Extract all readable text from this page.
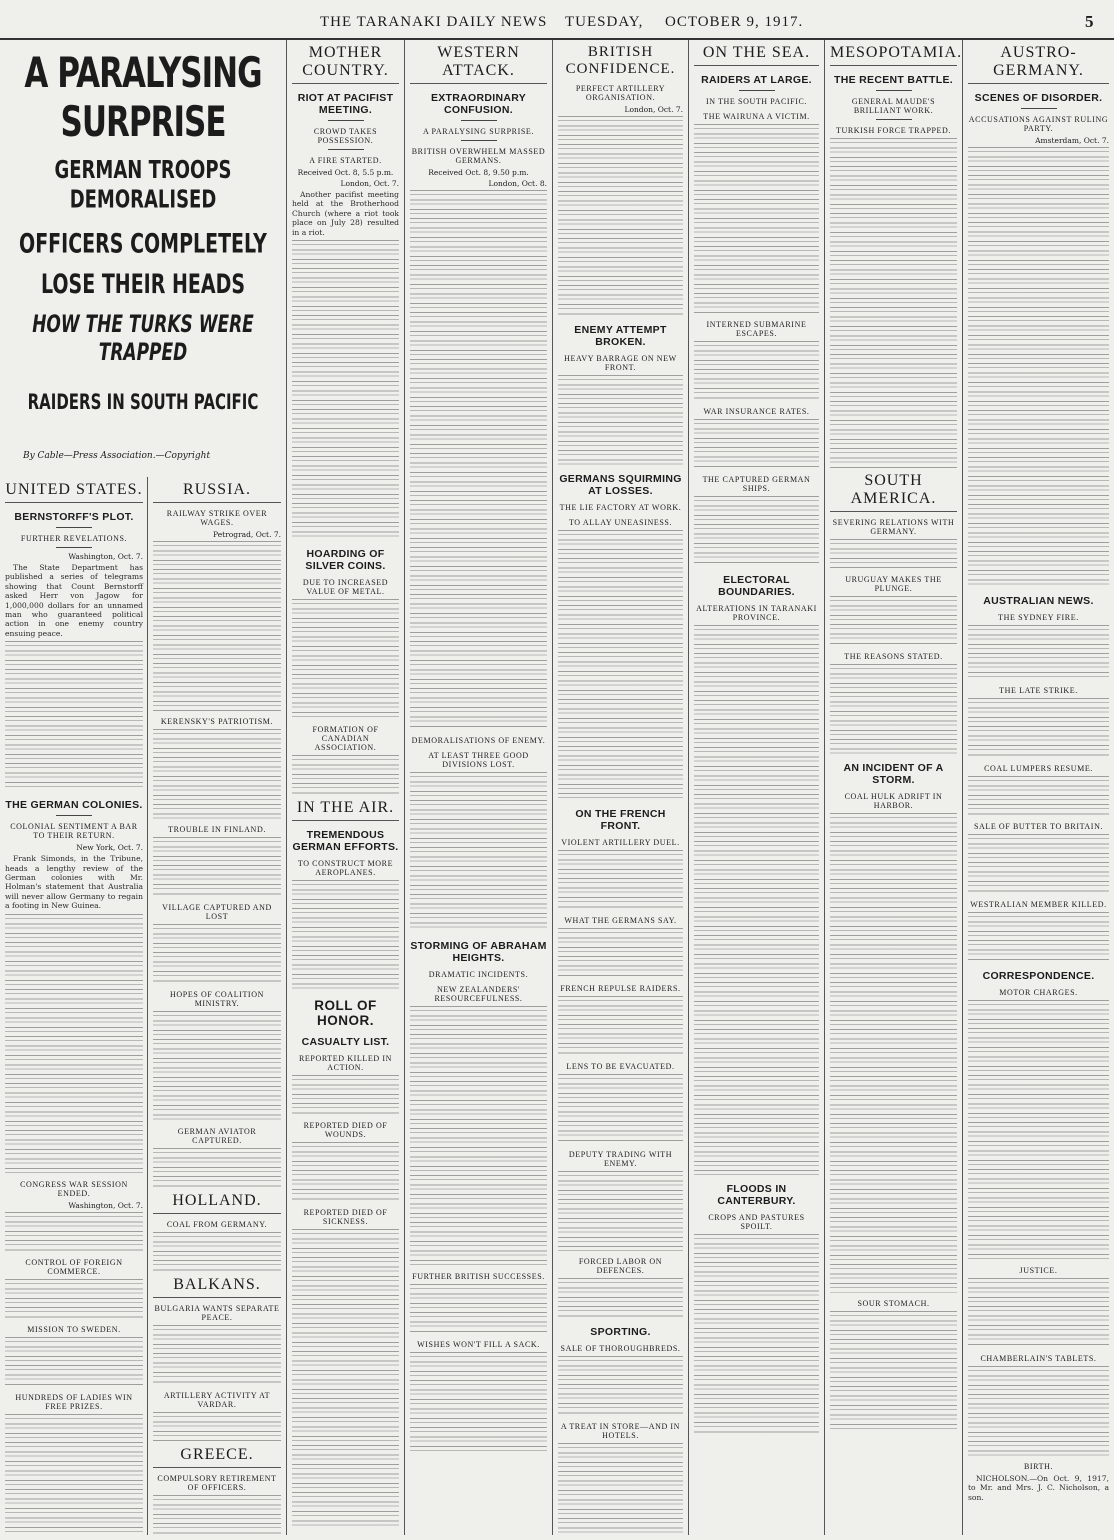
THE TARANAKI DAILY NEWS TUESDAY, OCTOBER 9, 1917.	5
A PARALYSING SURPRISE
GERMAN TROOPS DEMORALISED
OFFICERS COMPLETELY LOSE THEIR HEADS
HOW THE TURKS WERE TRAPPED
RAIDERS IN SOUTH PACIFIC
By Cable—Press Association.—Copyright
UNITED STATES.
BERNSTORFF'S PLOT.
FURTHER REVELATIONS.
Washington, Oct. 7.

The State Department has published a series of telegrams showing that Count Bernstorff asked Herr von Jagow for 1,000,000 dollars for an unnamed man who guaranteed political action in one enemy country ensuing peace.

THE GERMAN COLONIES.
COLONIAL SENTIMENT A BAR TO THEIR RETURN.
New York, Oct. 7.

Frank Simonds, in the Tribune, heads a lengthy review of the German colonies with Mr. Holman's statement that Australia will never allow Germany to regain a footing in New Guinea.

CONGRESS WAR SESSION ENDED.
Washington, Oct. 7.
CONTROL OF FOREIGN COMMERCE.
MISSION TO SWEDEN.
HUNDREDS OF LADIES WIN FREE PRIZES.
RUSSIA.
RAILWAY STRIKE OVER WAGES.
Petrograd, Oct. 7.
KERENSKY'S PATRIOTISM.
TROUBLE IN FINLAND.
VILLAGE CAPTURED AND LOST
HOPES OF COALITION MINISTRY.
GERMAN AVIATOR CAPTURED.
HOLLAND.
COAL FROM GERMANY.
BALKANS.
BULGARIA WANTS SEPARATE PEACE.
ARTILLERY ACTIVITY AT VARDAR.
GREECE.
COMPULSORY RETIREMENT OF OFFICERS.
MOTHER COUNTRY.
RIOT AT PACIFIST MEETING.
CROWD TAKES POSSESSION.
A FIRE STARTED.
Received Oct. 8, 5.5 p.m.
London, Oct. 7.

Another pacifist meeting held at the Brotherhood Church (where a riot took place on July 28) resulted in a riot.

HOARDING OF SILVER COINS.
DUE TO INCREASED VALUE OF METAL.
FORMATION OF CANADIAN ASSOCIATION.
IN THE AIR.
TREMENDOUS GERMAN EFFORTS.
TO CONSTRUCT MORE AEROPLANES.
ROLL OF HONOR.
CASUALTY LIST.
REPORTED KILLED IN ACTION.
REPORTED DIED OF WOUNDS.
REPORTED DIED OF SICKNESS.
WESTERN ATTACK.
EXTRAORDINARY CONFUSION.
A PARALYSING SURPRISE.
BRITISH OVERWHELM MASSED GERMANS.
Received Oct. 8, 9.50 p.m.
London, Oct. 8.
DEMORALISATIONS OF ENEMY.
AT LEAST THREE GOOD DIVISIONS LOST.
STORMING OF ABRAHAM HEIGHTS.
DRAMATIC INCIDENTS.
NEW ZEALANDERS' RESOURCEFULNESS.
FURTHER BRITISH SUCCESSES.
WISHES WON'T FILL A SACK.
BRITISH CONFIDENCE.
PERFECT ARTILLERY ORGANISATION.
London, Oct. 7.
ENEMY ATTEMPT BROKEN.
HEAVY BARRAGE ON NEW FRONT.
GERMANS SQUIRMING AT LOSSES.
THE LIE FACTORY AT WORK.
TO ALLAY UNEASINESS.
ON THE FRENCH FRONT.
VIOLENT ARTILLERY DUEL.
WHAT THE GERMANS SAY.
FRENCH REPULSE RAIDERS.
LENS TO BE EVACUATED.
DEPUTY TRADING WITH ENEMY.
FORCED LABOR ON DEFENCES.
SPORTING.
SALE OF THOROUGHBREDS.
A TREAT IN STORE—AND IN HOTELS.
ON THE SEA.
RAIDERS AT LARGE.
IN THE SOUTH PACIFIC.
THE WAIRUNA A VICTIM.
INTERNED SUBMARINE ESCAPES.
WAR INSURANCE RATES.
THE CAPTURED GERMAN SHIPS.
ELECTORAL BOUNDARIES.
ALTERATIONS IN TARANAKI PROVINCE.
FLOODS IN CANTERBURY.
CROPS AND PASTURES SPOILT.
MESOPOTAMIA.
THE RECENT BATTLE.
GENERAL MAUDE'S BRILLIANT WORK.
TURKISH FORCE TRAPPED.
SOUTH AMERICA.
SEVERING RELATIONS WITH GERMANY.
URUGUAY MAKES THE PLUNGE.
THE REASONS STATED.
AN INCIDENT OF A STORM.
COAL HULK ADRIFT IN HARBOR.
SOUR STOMACH.
AUSTRO-GERMANY.
SCENES OF DISORDER.
ACCUSATIONS AGAINST RULING PARTY.
Amsterdam, Oct. 7.
AUSTRALIAN NEWS.
THE SYDNEY FIRE.
THE LATE STRIKE.
COAL LUMPERS RESUME.
SALE OF BUTTER TO BRITAIN.
WESTRALIAN MEMBER KILLED.
CORRESPONDENCE.
MOTOR CHARGES.
JUSTICE.
CHAMBERLAIN'S TABLETS.
BIRTH.

NICHOLSON.—On Oct. 9, 1917, to Mr. and Mrs. J. C. Nicholson, a son.
